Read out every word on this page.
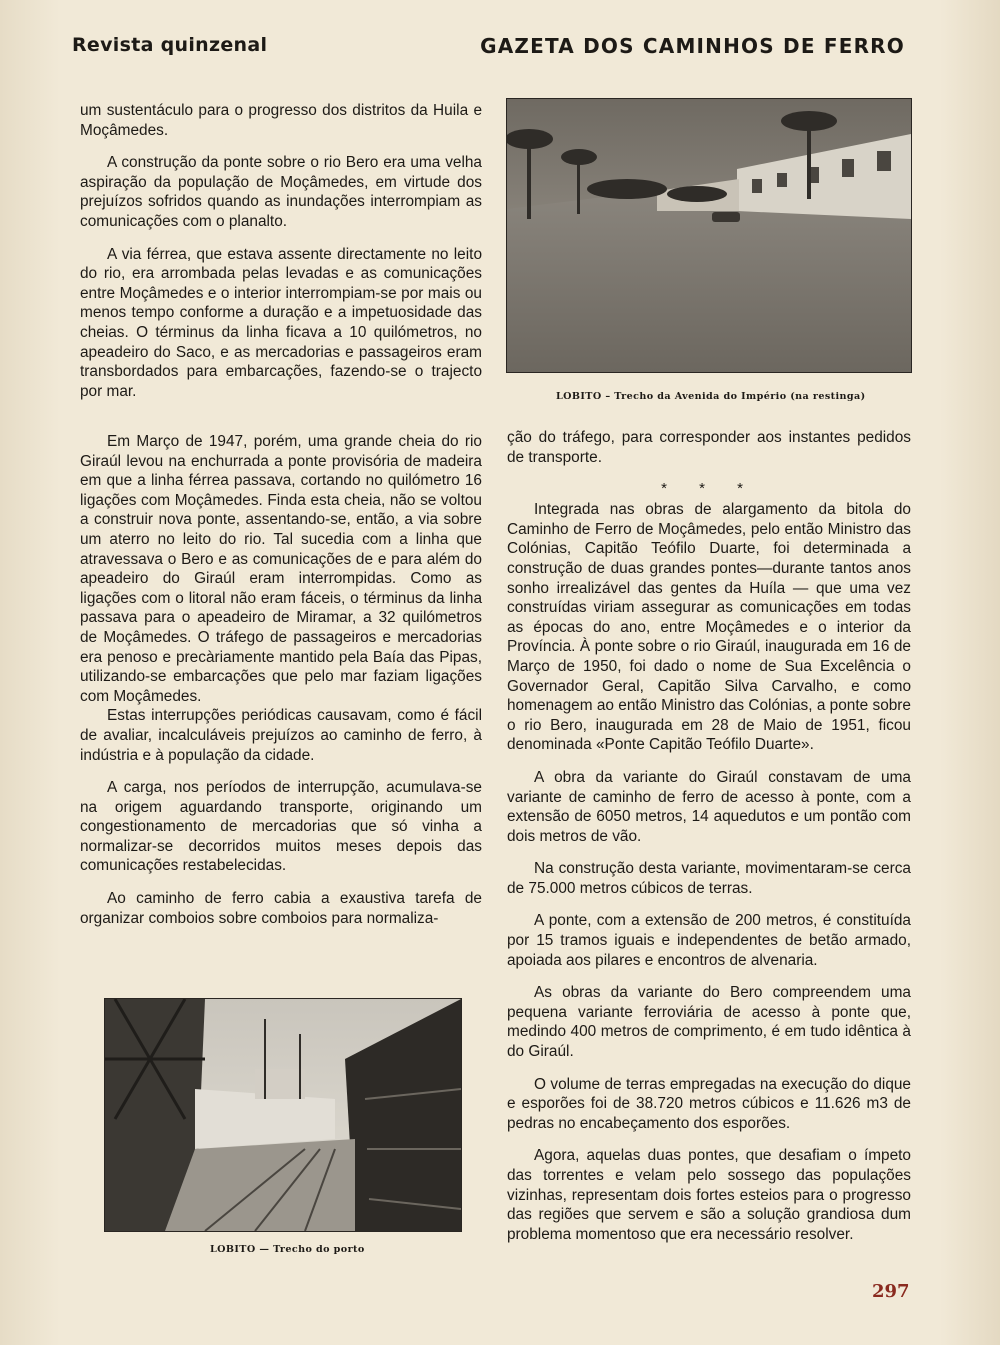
Revista quinzenal	GAZETA DOS CAMINHOS DE FERRO

um sustentáculo para o progresso dos distritos da Huila e Moçâmedes.

A construção da ponte sobre o rio Bero era uma velha aspiração da população de Moçâmedes, em virtude dos prejuízos sofridos quando as inundações interrompiam as comunicações com o planalto.

A via férrea, que estava assente directamente no leito do rio, era arrombada pelas levadas e as comunicações entre Moçâmedes e o interior interrompiam-se por mais ou menos tempo conforme a duração e a impetuosidade das cheias. O términus da linha ficava a 10 quilómetros, no apeadeiro do Saco, e as mercadorias e passageiros eram transbordados para embarcações, fazendo-se o trajecto por mar.

Em Março de 1947, porém, uma grande cheia do rio Giraúl levou na enchurrada a ponte provisória de madeira em que a linha férrea passava, cortando no quilómetro 16 ligações com Moçâmedes. Finda esta cheia, não se voltou a construir nova ponte, assentando-se, então, a via sobre um aterro no leito do rio. Tal sucedia com a linha que atravessava o Bero e as comunicações de e para além do apeadeiro do Giraúl eram interrompidas. Como as ligações com o litoral não eram fáceis, o términus da linha passava para o apeadeiro de Miramar, a 32 quilómetros de Moçâmedes. O tráfego de passageiros e mercadorias era penoso e precàriamente mantido pela Baía das Pipas, utilizando-se embarcações que pelo mar faziam ligações com Moçâmedes.

Estas interrupções periódicas causavam, como é fácil de avaliar, incalculáveis prejuízos ao caminho de ferro, à indústria e à população da cidade.

A carga, nos períodos de interrupção, acumulava-se na origem aguardando transporte, originando um congestionamento de mercadorias que só vinha a normalizar-se decorridos muitos meses depois das comunicações restabelecidas.

Ao caminho de ferro cabia a exaustiva tarefa de organizar comboios sobre comboios para normaliza-

LOBITO – Trecho da Avenida do Império (na restinga)

ção do tráfego, para corresponder aos instantes pedidos de transporte.

* * *

Integrada nas obras de alargamento da bitola do Caminho de Ferro de Moçâmedes, pelo então Ministro das Colónias, Capitão Teófilo Duarte, foi determinada a construção de duas grandes pontes—durante tantos anos sonho irrealizável das gentes da Huíla — que uma vez construídas viriam assegurar as comunicações em todas as épocas do ano, entre Moçâmedes e o interior da Província. À ponte sobre o rio Giraúl, inaugurada em 16 de Março de 1950, foi dado o nome de Sua Excelência o Governador Geral, Capitão Silva Carvalho, e como homenagem ao então Ministro das Colónias, a ponte sobre o rio Bero, inaugurada em 28 de Maio de 1951, ficou denominada «Ponte Capitão Teófilo Duarte».

A obra da variante do Giraúl constavam de uma variante de caminho de ferro de acesso à ponte, com a extensão de 6050 metros, 14 aquedutos e um pontão com dois metros de vão.

Na construção desta variante, movimentaram-se cerca de 75.000 metros cúbicos de terras.

A ponte, com a extensão de 200 metros, é constituída por 15 tramos iguais e independentes de betão armado, apoiada aos pilares e encontros de alvenaria.

As obras da variante do Bero compreendem uma pequena variante ferroviária de acesso à ponte que, medindo 400 metros de comprimento, é em tudo idêntica à do Giraúl.

O volume de terras empregadas na execução do dique e esporões foi de 38.720 metros cúbicos e 11.626 m3 de pedras no encabeçamento dos esporões.

Agora, aquelas duas pontes, que desafiam o ímpeto das torrentes e velam pelo sossego das populações vizinhas, representam dois fortes esteios para o progresso das regiões que servem e são a solução grandiosa dum problema momentoso que era necessário resolver.

LOBITO — Trecho do porto
297
